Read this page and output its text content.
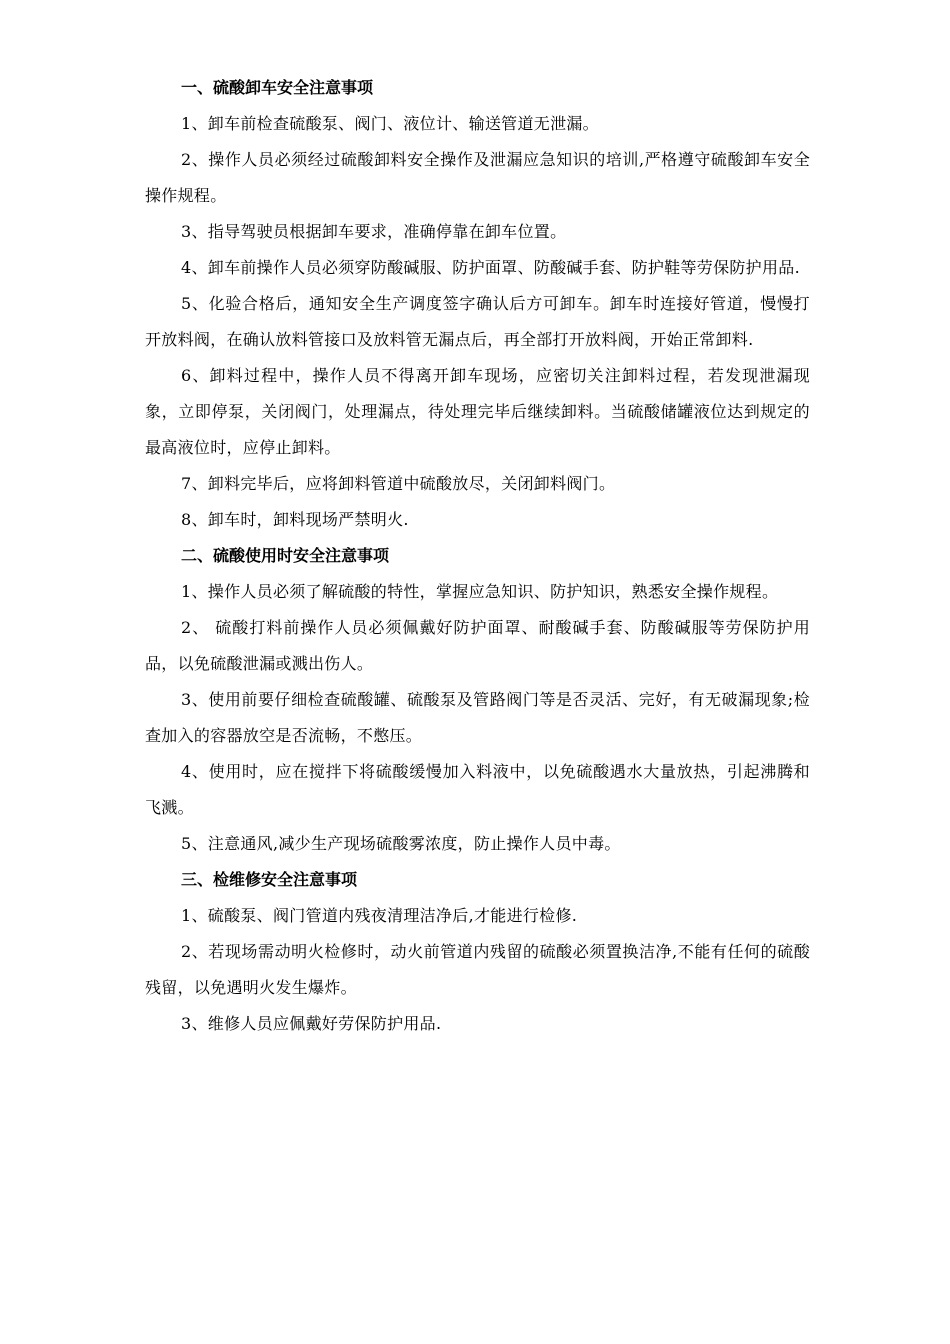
一、硫酸卸车安全注意事项

1、卸车前检查硫酸泵、阀门、液位计、输送管道无泄漏。

2、操作人员必须经过硫酸卸料安全操作及泄漏应急知识的培训,严格遵守硫酸卸车安全操作规程。

3、指导驾驶员根据卸车要求，准确停靠在卸车位置。

4、卸车前操作人员必须穿防酸碱服、防护面罩、防酸碱手套、防护鞋等劳保防护用品.

5、化验合格后，通知安全生产调度签字确认后方可卸车。卸车时连接好管道，慢慢打开放料阀，在确认放料管接口及放料管无漏点后，再全部打开放料阀，开始正常卸料.

6、卸料过程中，操作人员不得离开卸车现场，应密切关注卸料过程，若发现泄漏现象，立即停泵，关闭阀门，处理漏点，待处理完毕后继续卸料。当硫酸储罐液位达到规定的最高液位时，应停止卸料。

7、卸料完毕后，应将卸料管道中硫酸放尽，关闭卸料阀门。

8、卸车时，卸料现场严禁明火.

二、硫酸使用时安全注意事项

1、操作人员必须了解硫酸的特性，掌握应急知识、防护知识，熟悉安全操作规程。

2、 硫酸打料前操作人员必须佩戴好防护面罩、耐酸碱手套、防酸碱服等劳保防护用品，以免硫酸泄漏或溅出伤人。

3、使用前要仔细检查硫酸罐、硫酸泵及管路阀门等是否灵活、完好，有无破漏现象;检查加入的容器放空是否流畅，不憋压。

4、使用时，应在搅拌下将硫酸缓慢加入料液中，以免硫酸遇水大量放热，引起沸腾和飞溅。

5、注意通风,减少生产现场硫酸雾浓度，防止操作人员中毒。

三、检维修安全注意事项

1、硫酸泵、阀门管道内残夜清理洁净后,才能进行检修.

2、若现场需动明火检修时，动火前管道内残留的硫酸必须置换洁净,不能有任何的硫酸残留，以免遇明火发生爆炸。

3、维修人员应佩戴好劳保防护用品.
